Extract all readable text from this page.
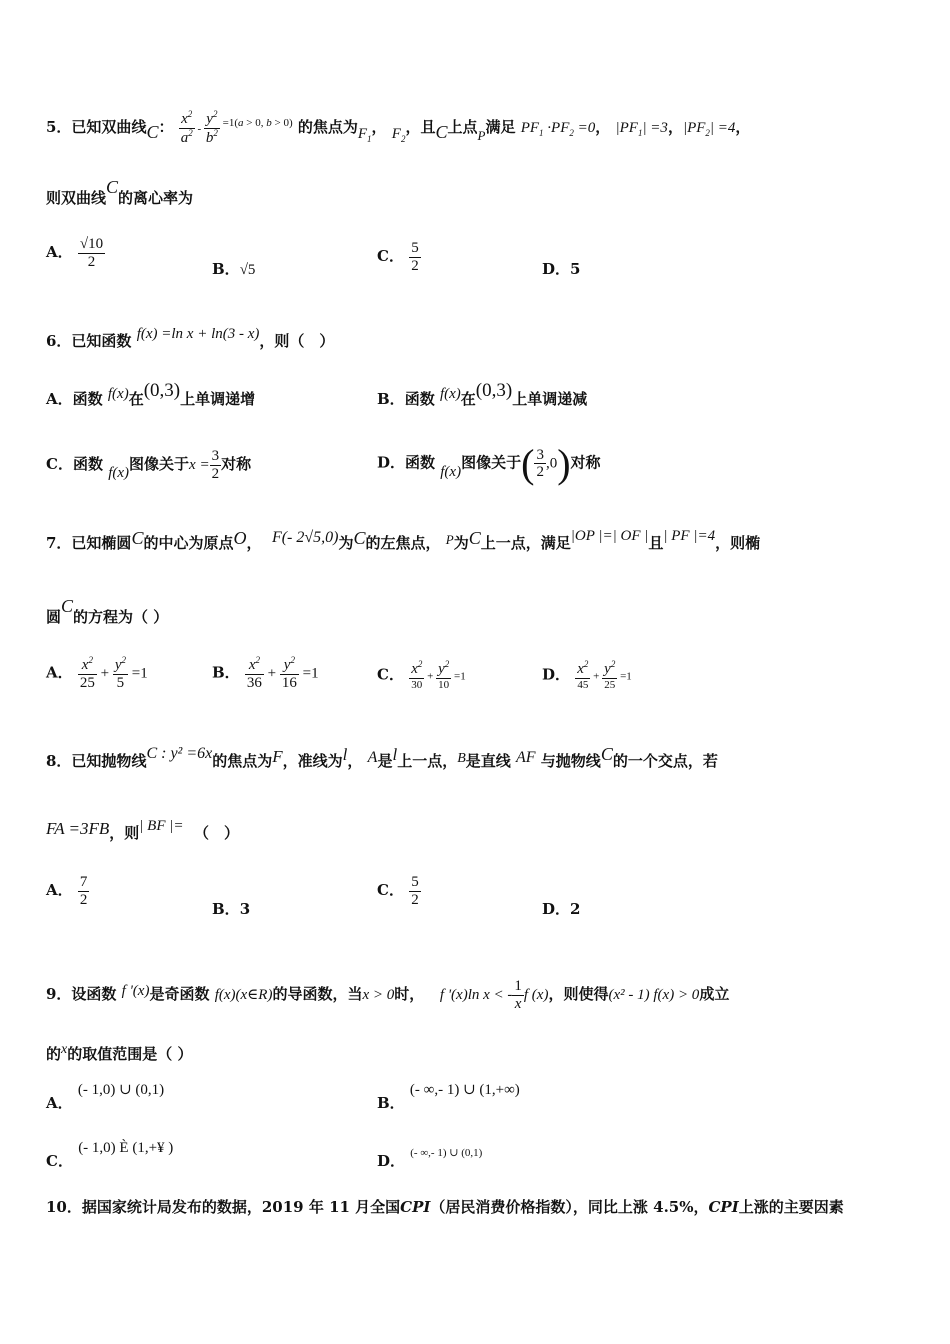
5．已知双曲线C： $\frac{x^2}{a^2} - \frac{y^2}{b^2} ^{=1(a > 0, b > 0)}$ 的焦点为$F_1$， $F_2$，且C上点P满足 $PF_1 \cdot PF_2 =0$， $|PF_1| =3$，$|PF_2| =4$，
则双曲线C的离心率为
A． $\frac{√10}{2}$	B．√5
C． $\frac{5}{2}$	D．5
6．已知函数 f(x) =ln x + ln(3 - x)，则（　）
A．函数 f(x)在(0,3)上单调递增	B．函数 f(x)在(0,3)上单调递减
C．函数 f(x)图像关于$x = \frac{3}{2}$ 对称	D．函数 f(x)图像关于( $\frac{3}{2} ,0$)对称
7．已知椭圆C的中心为原点O， F(- 2√5,0)为C的左焦点， P为C上一点，满足|OP |=| OF |且| PF |=4，则椭
圆C的方程为（ ）
A． $\frac{x^2}{25} + \frac{y^2}{5} =1$	B． $\frac{x^2}{36} + \frac{y^2}{16} =1$	C． $\frac{x^2}{30} + \frac{y^2}{10} =1$	D． $\frac{x^2}{45} + \frac{y^2}{25} =1$
8．已知抛物线C : y² =6x的焦点为F，准线为l， A是l上一点，B是直线 AF 与抛物线C的一个交点，若
FA =3FB，则| BF |= （　）
A． $\frac{7}{2}$
B．3
C． $\frac{5}{2}$
D．2
9．设函数 f '(x)是奇函数 f(x)(x∈R)的导函数，当x > 0时， f '(x)ln x < - $\frac{1}{x}$ f (x)，则使得(x² - 1) f(x) > 0成立
的x的取值范围是（ ）
A． (- 1,0) ∪ (0,1)
B． (- ∞,- 1) ∪ (1,+∞)
C． (- 1,0) È (1,+¥ )
D． (- ∞,- 1) ∪ (0,1)
10．据国家统计局发布的数据，2019 年 11 月全国CPI（居民消费价格指数），同比上涨 4.5%，CPI上涨的主要因素
